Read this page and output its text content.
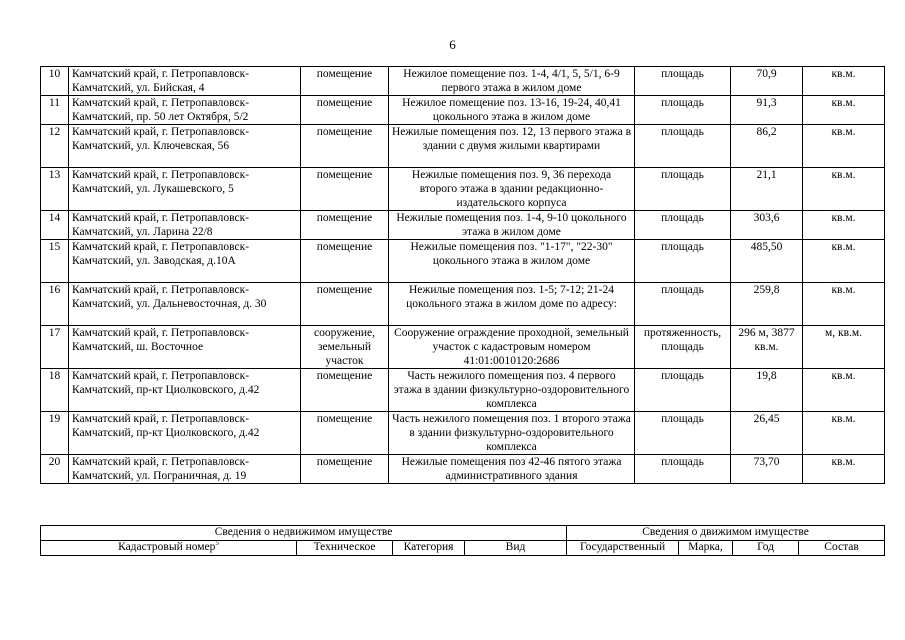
6
10	Камчатский край, г. Петропавловск-Камчатский, ул. Бийская, 4	помещение	Нежилое помещение поз. 1-4, 4/1, 5, 5/1, 6-9 первого этажа в жилом доме	площадь	70,9	кв.м.
11	Камчатский край, г. Петропавловск-Камчатский, пр. 50 лет Октября, 5/2	помещение	Нежилое помещение поз. 13-16, 19-24, 40,41 цокольного этажа в жилом доме	площадь	91,3	кв.м.
12	Камчатский край, г. Петропавловск-Камчатский, ул. Ключевская, 56	помещение	Нежилые помещения поз. 12, 13 первого этажа в здании с двумя жилыми квартирами	площадь	86,2	кв.м.
13	Камчатский край, г. Петропавловск-Камчатский, ул. Лукашевского, 5	помещение	Нежилые помещения поз. 9, 36 перехода второго этажа в здании редакционно-издательского корпуса	площадь	21,1	кв.м.
14	Камчатский край, г. Петропавловск-Камчатский, ул. Ларина 22/8	помещение	Нежилые помещения поз. 1-4, 9-10 цокольного этажа в жилом доме	площадь	303,6	кв.м.
15	Камчатский край, г. Петропавловск-Камчатский, ул. Заводская, д.10А	помещение	Нежилые помещения поз. "1-17", "22-30" цокольного этажа в жилом доме	площадь	485,50	кв.м.
16	Камчатский край, г. Петропавловск-Камчатский, ул. Дальневосточная, д. 30	помещение	Нежилые помещения поз. 1-5; 7-12; 21-24 цокольного этажа в жилом доме по адресу:	площадь	259,8	кв.м.
17	Камчатский край, г. Петропавловск-Камчатский, ш. Восточное	сооружение, земельный участок	Сооружение ограждение проходной, земельный участок с кадастровым номером 41:01:0010120:2686	протяженность, площадь	296 м, 3877 кв.м.	м, кв.м.
18	Камчатский край, г. Петропавловск-Камчатский, пр-кт Циолковского, д.42	помещение	Часть нежилого помещения поз. 4 первого этажа в здании физкультурно-оздоровительного комплекса	площадь	19,8	кв.м.
19	Камчатский край, г. Петропавловск-Камчатский, пр-кт Циолковского, д.42	помещение	Часть нежилого помещения поз. 1 второго этажа в здании физкультурно-оздоровительного комплекса	площадь	26,45	кв.м.
20	Камчатский край, г. Петропавловск-Камчатский, ул. Пограничная, д. 19	помещение	Нежилые помещения поз 42-46 пятого этажа административного здания	площадь	73,70	кв.м.
Сведения о недвижимом имуществе				Сведения о движимом имуществе			
Кадастровый номер$^5$	Техническое	Категория	Вид	Государственный	Марка,	Год	Состав
